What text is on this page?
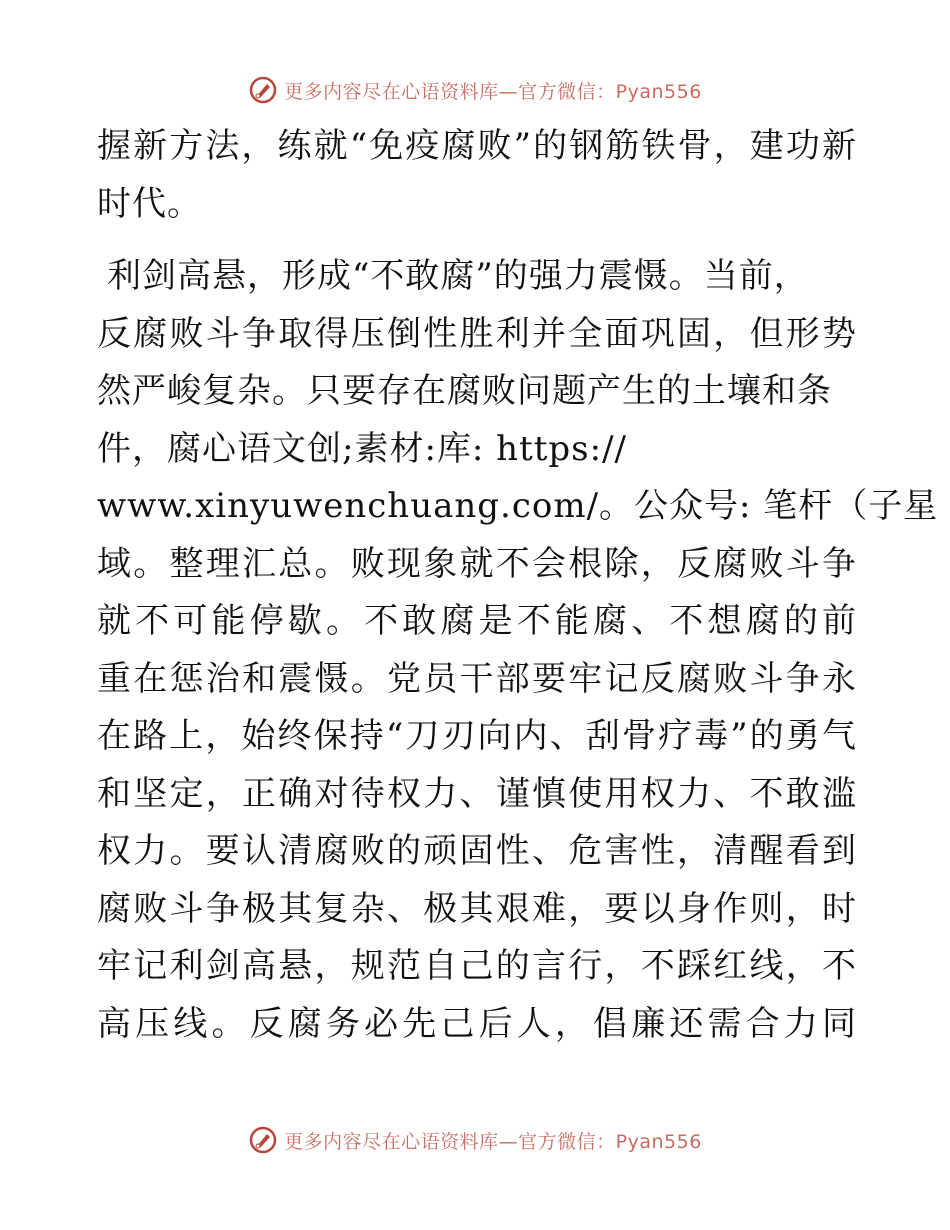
更多内容尽在心语资料库—官方微信：Pyan556
握新方法，练就“免疫腐败”的钢筋铁骨，建功新
时代。
利剑高悬，形成“不敢腐”的强力震慑。当前，
反腐败斗争取得压倒性胜利并全面巩固，但形势
然严峻复杂。只要存在腐败问题产生的土壤和条
件，腐心语文创;素材:库: https://
www.xinyuwenchuang.com/。公众号: 笔杆（子星
域。整理汇总。败现象就不会根除，反腐败斗争
就不可能停歇。不敢腐是不能腐、不想腐的前
重在惩治和震慑。党员干部要牢记反腐败斗争永
在路上，始终保持“刀刃向内、刮骨疗毒”的勇气
和坚定，正确对待权力、谨慎使用权力、不敢滥
权力。要认清腐败的顽固性、危害性，清醒看到
腐败斗争极其复杂、极其艰难，要以身作则，时
牢记利剑高悬，规范自己的言行，不踩红线，不
高压线。反腐务必先己后人，倡廉还需合力同
更多内容尽在心语资料库—官方微信：Pyan556
